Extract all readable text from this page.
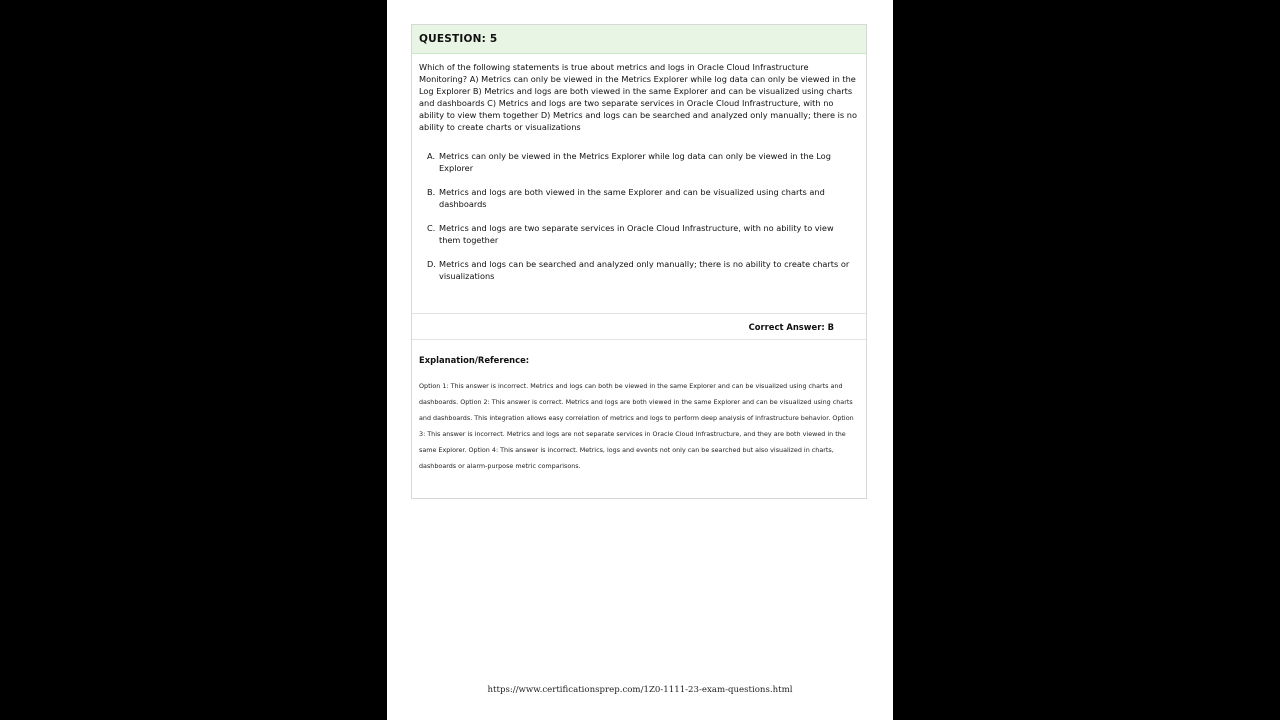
QUESTION: 5
Which of the following statements is true about metrics and logs in Oracle Cloud Infrastructure Monitoring? A) Metrics can only be viewed in the Metrics Explorer while log data can only be viewed in the Log Explorer B) Metrics and logs are both viewed in the same Explorer and can be visualized using charts and dashboards C) Metrics and logs are two separate services in Oracle Cloud Infrastructure, with no ability to view them together D) Metrics and logs can be searched and analyzed only manually; there is no ability to create charts or visualizations
A. Metrics can only be viewed in the Metrics Explorer while log data can only be viewed in the Log Explorer
B. Metrics and logs are both viewed in the same Explorer and can be visualized using charts and dashboards
C. Metrics and logs are two separate services in Oracle Cloud Infrastructure, with no ability to view them together
D. Metrics and logs can be searched and analyzed only manually; there is no ability to create charts or visualizations
Correct Answer: B
Explanation/Reference:
Option 1: This answer is incorrect. Metrics and logs can both be viewed in the same Explorer and can be visualized using charts and dashboards. Option 2: This answer is correct. Metrics and logs are both viewed in the same Explorer and can be visualized using charts and dashboards. This integration allows easy correlation of metrics and logs to perform deep analysis of infrastructure behavior. Option 3: This answer is incorrect. Metrics and logs are not separate services in Oracle Cloud Infrastructure, and they are both viewed in the same Explorer. Option 4: This answer is incorrect. Metrics, logs and events not only can be searched but also visualized in charts, dashboards or alarm-purpose metric comparisons.
https://www.certificationsprep.com/1Z0-1111-23-exam-questions.html
